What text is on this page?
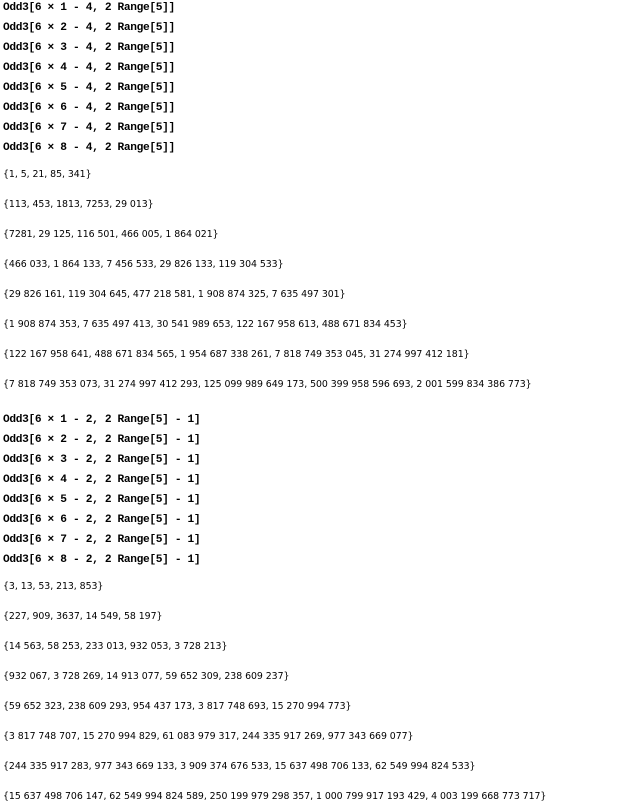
Odd3[6 × 1 - 4, 2 Range[5]]
Odd3[6 × 2 - 4, 2 Range[5]]
Odd3[6 × 3 - 4, 2 Range[5]]
Odd3[6 × 4 - 4, 2 Range[5]]
Odd3[6 × 5 - 4, 2 Range[5]]
Odd3[6 × 6 - 4, 2 Range[5]]
Odd3[6 × 7 - 4, 2 Range[5]]
Odd3[6 × 8 - 4, 2 Range[5]]
{1, 5, 21, 85, 341}
{113, 453, 1813, 7253, 29 013}
{7281, 29 125, 116 501, 466 005, 1 864 021}
{466 033, 1 864 133, 7 456 533, 29 826 133, 119 304 533}
{29 826 161, 119 304 645, 477 218 581, 1 908 874 325, 7 635 497 301}
{1 908 874 353, 7 635 497 413, 30 541 989 653, 122 167 958 613, 488 671 834 453}
{122 167 958 641, 488 671 834 565, 1 954 687 338 261, 7 818 749 353 045, 31 274 997 412 181}
{7 818 749 353 073, 31 274 997 412 293, 125 099 989 649 173, 500 399 958 596 693, 2 001 599 834 386 773}
Odd3[6 × 1 - 2, 2 Range[5] - 1]
Odd3[6 × 2 - 2, 2 Range[5] - 1]
Odd3[6 × 3 - 2, 2 Range[5] - 1]
Odd3[6 × 4 - 2, 2 Range[5] - 1]
Odd3[6 × 5 - 2, 2 Range[5] - 1]
Odd3[6 × 6 - 2, 2 Range[5] - 1]
Odd3[6 × 7 - 2, 2 Range[5] - 1]
Odd3[6 × 8 - 2, 2 Range[5] - 1]
{3, 13, 53, 213, 853}
{227, 909, 3637, 14 549, 58 197}
{14 563, 58 253, 233 013, 932 053, 3 728 213}
{932 067, 3 728 269, 14 913 077, 59 652 309, 238 609 237}
{59 652 323, 238 609 293, 954 437 173, 3 817 748 693, 15 270 994 773}
{3 817 748 707, 15 270 994 829, 61 083 979 317, 244 335 917 269, 977 343 669 077}
{244 335 917 283, 977 343 669 133, 3 909 374 676 533, 15 637 498 706 133, 62 549 994 824 533}
{15 637 498 706 147, 62 549 994 824 589, 250 199 979 298 357, 1 000 799 917 193 429, 4 003 199 668 773 717}
